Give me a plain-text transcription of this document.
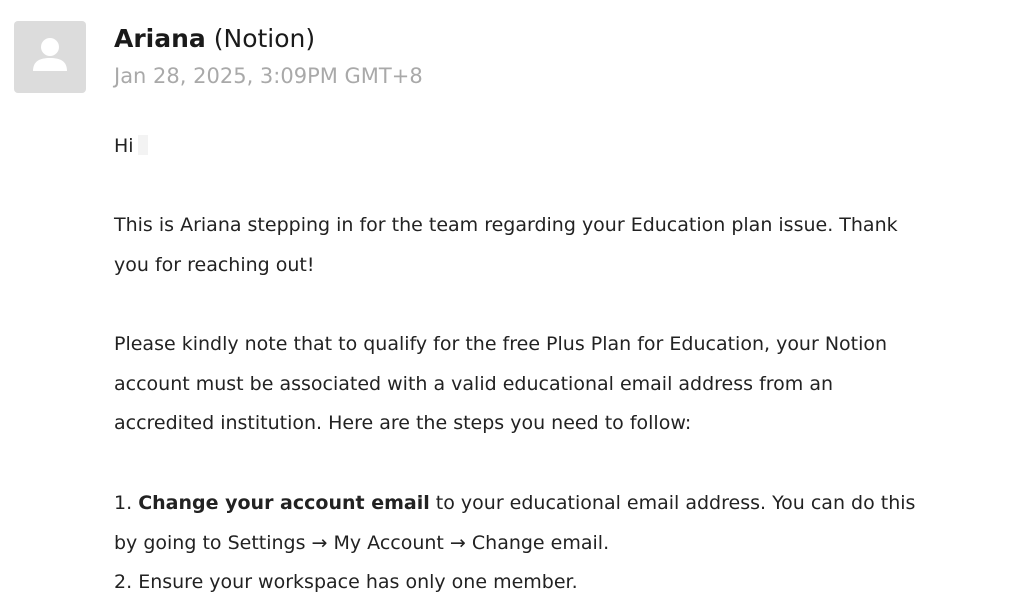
Ariana (Notion)
Jan 28, 2025, 3:09PM GMT+8
Hi
This is Ariana stepping in for the team regarding your Education plan issue. Thank
you for reaching out!
Please kindly note that to qualify for the free Plus Plan for Education, your Notion
account must be associated with a valid educational email address from an
accredited institution. Here are the steps you need to follow:
1. Change your account email to your educational email address. You can do this
by going to Settings → My Account → Change email.
2. Ensure your workspace has only one member.
